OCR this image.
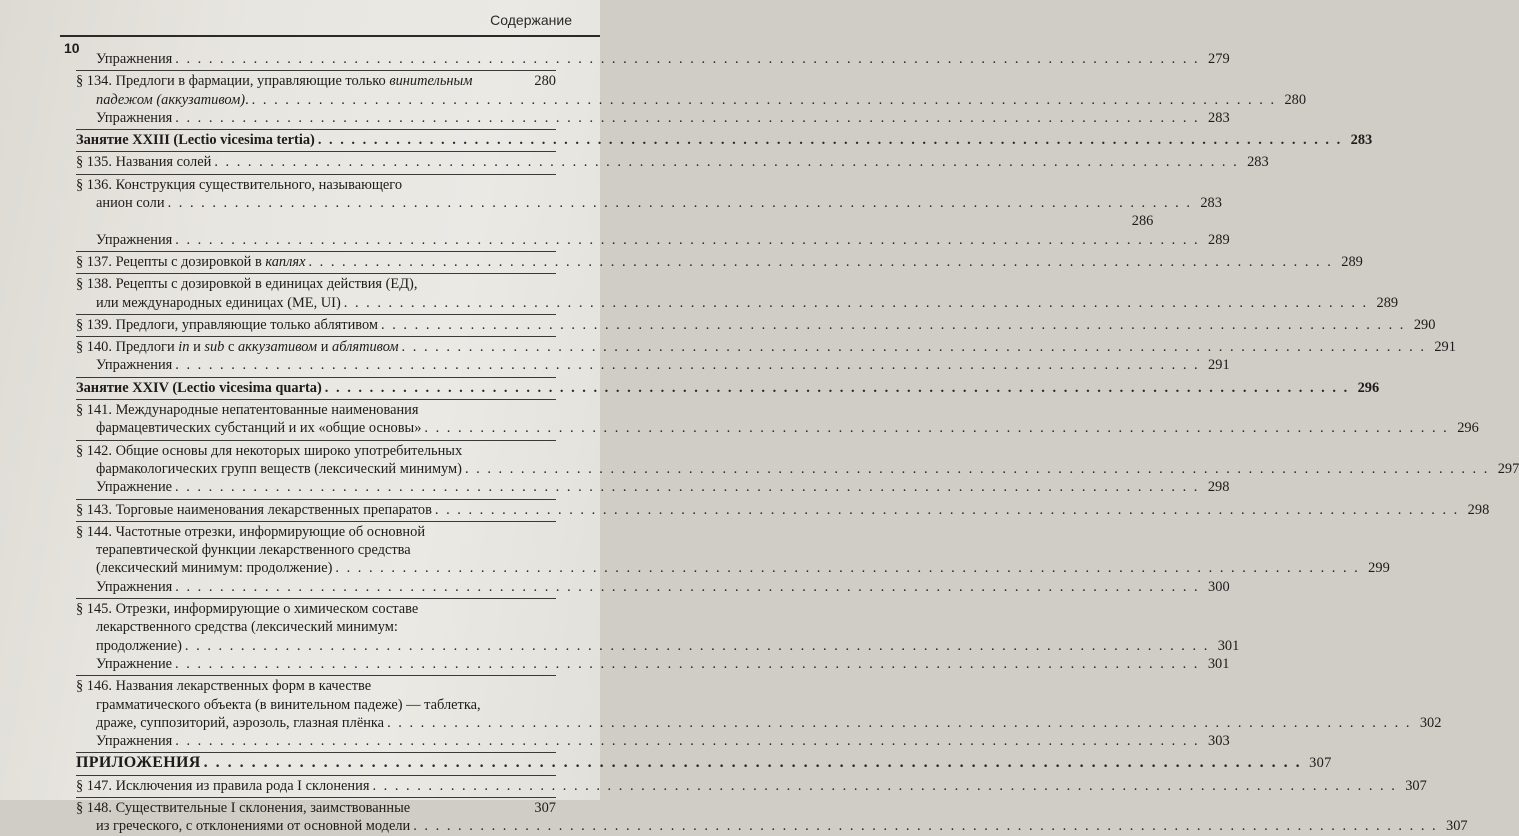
Содержание
10
Упражнения . . .	279
§ 134. Предлоги в фармации, управляющие только винительным	280
падежом (аккузативом). . . .	280
Упражнения . . .	283
Занятие XXIII (Lectio vicesima tertia) . . .	283
§ 135. Названия солей . . .	283
§ 136. Конструкция существительного, называющего
анион соли . . .	283
286
Упражнения . . .	289
§ 137. Рецепты с дозировкой в каплях . . .	289
§ 138. Рецепты с дозировкой в единицах действия (ЕД),
или международных единицах (МЕ, UI) . . .	289
§ 139. Предлоги, управляющие только аблятивом . . .	290
§ 140. Предлоги in и sub с аккузативом и аблятивом . . .	291
Упражнения . . .	291
Занятие XXIV (Lectio vicesima quarta) . . .	296
§ 141. Международные непатентованные наименования
фармацевтических субстанций и их «общие основы» . . .	296
§ 142. Общие основы для некоторых широко употребительных
фармакологических групп веществ (лексический минимум) . . .	297
Упражнение . . .	298
§ 143. Торговые наименования лекарственных препаратов . . .	298
§ 144. Частотные отрезки, информирующие об основной
терапевтической функции лекарственного средства
(лексический минимум: продолжение) . . .	299
Упражнения . . .	300
§ 145. Отрезки, информирующие о химическом составе
лекарственного средства (лексический минимум:
продолжение) . . .	301
Упражнение . . .	301
§ 146. Названия лекарственных форм в качестве
грамматического объекта (в винительном падеже) — таблетка,
драже, суппозиторий, аэрозоль, глазная плёнка . . .	302
Упражнения . . .	303
ПРИЛОЖЕНИЯ . . .	307
§ 147. Исключения из правила рода I склонения . . .	307
§ 148. Существительные I склонения, заимствованные	307
из греческого, с отклонениями от основной модели . . .	307
